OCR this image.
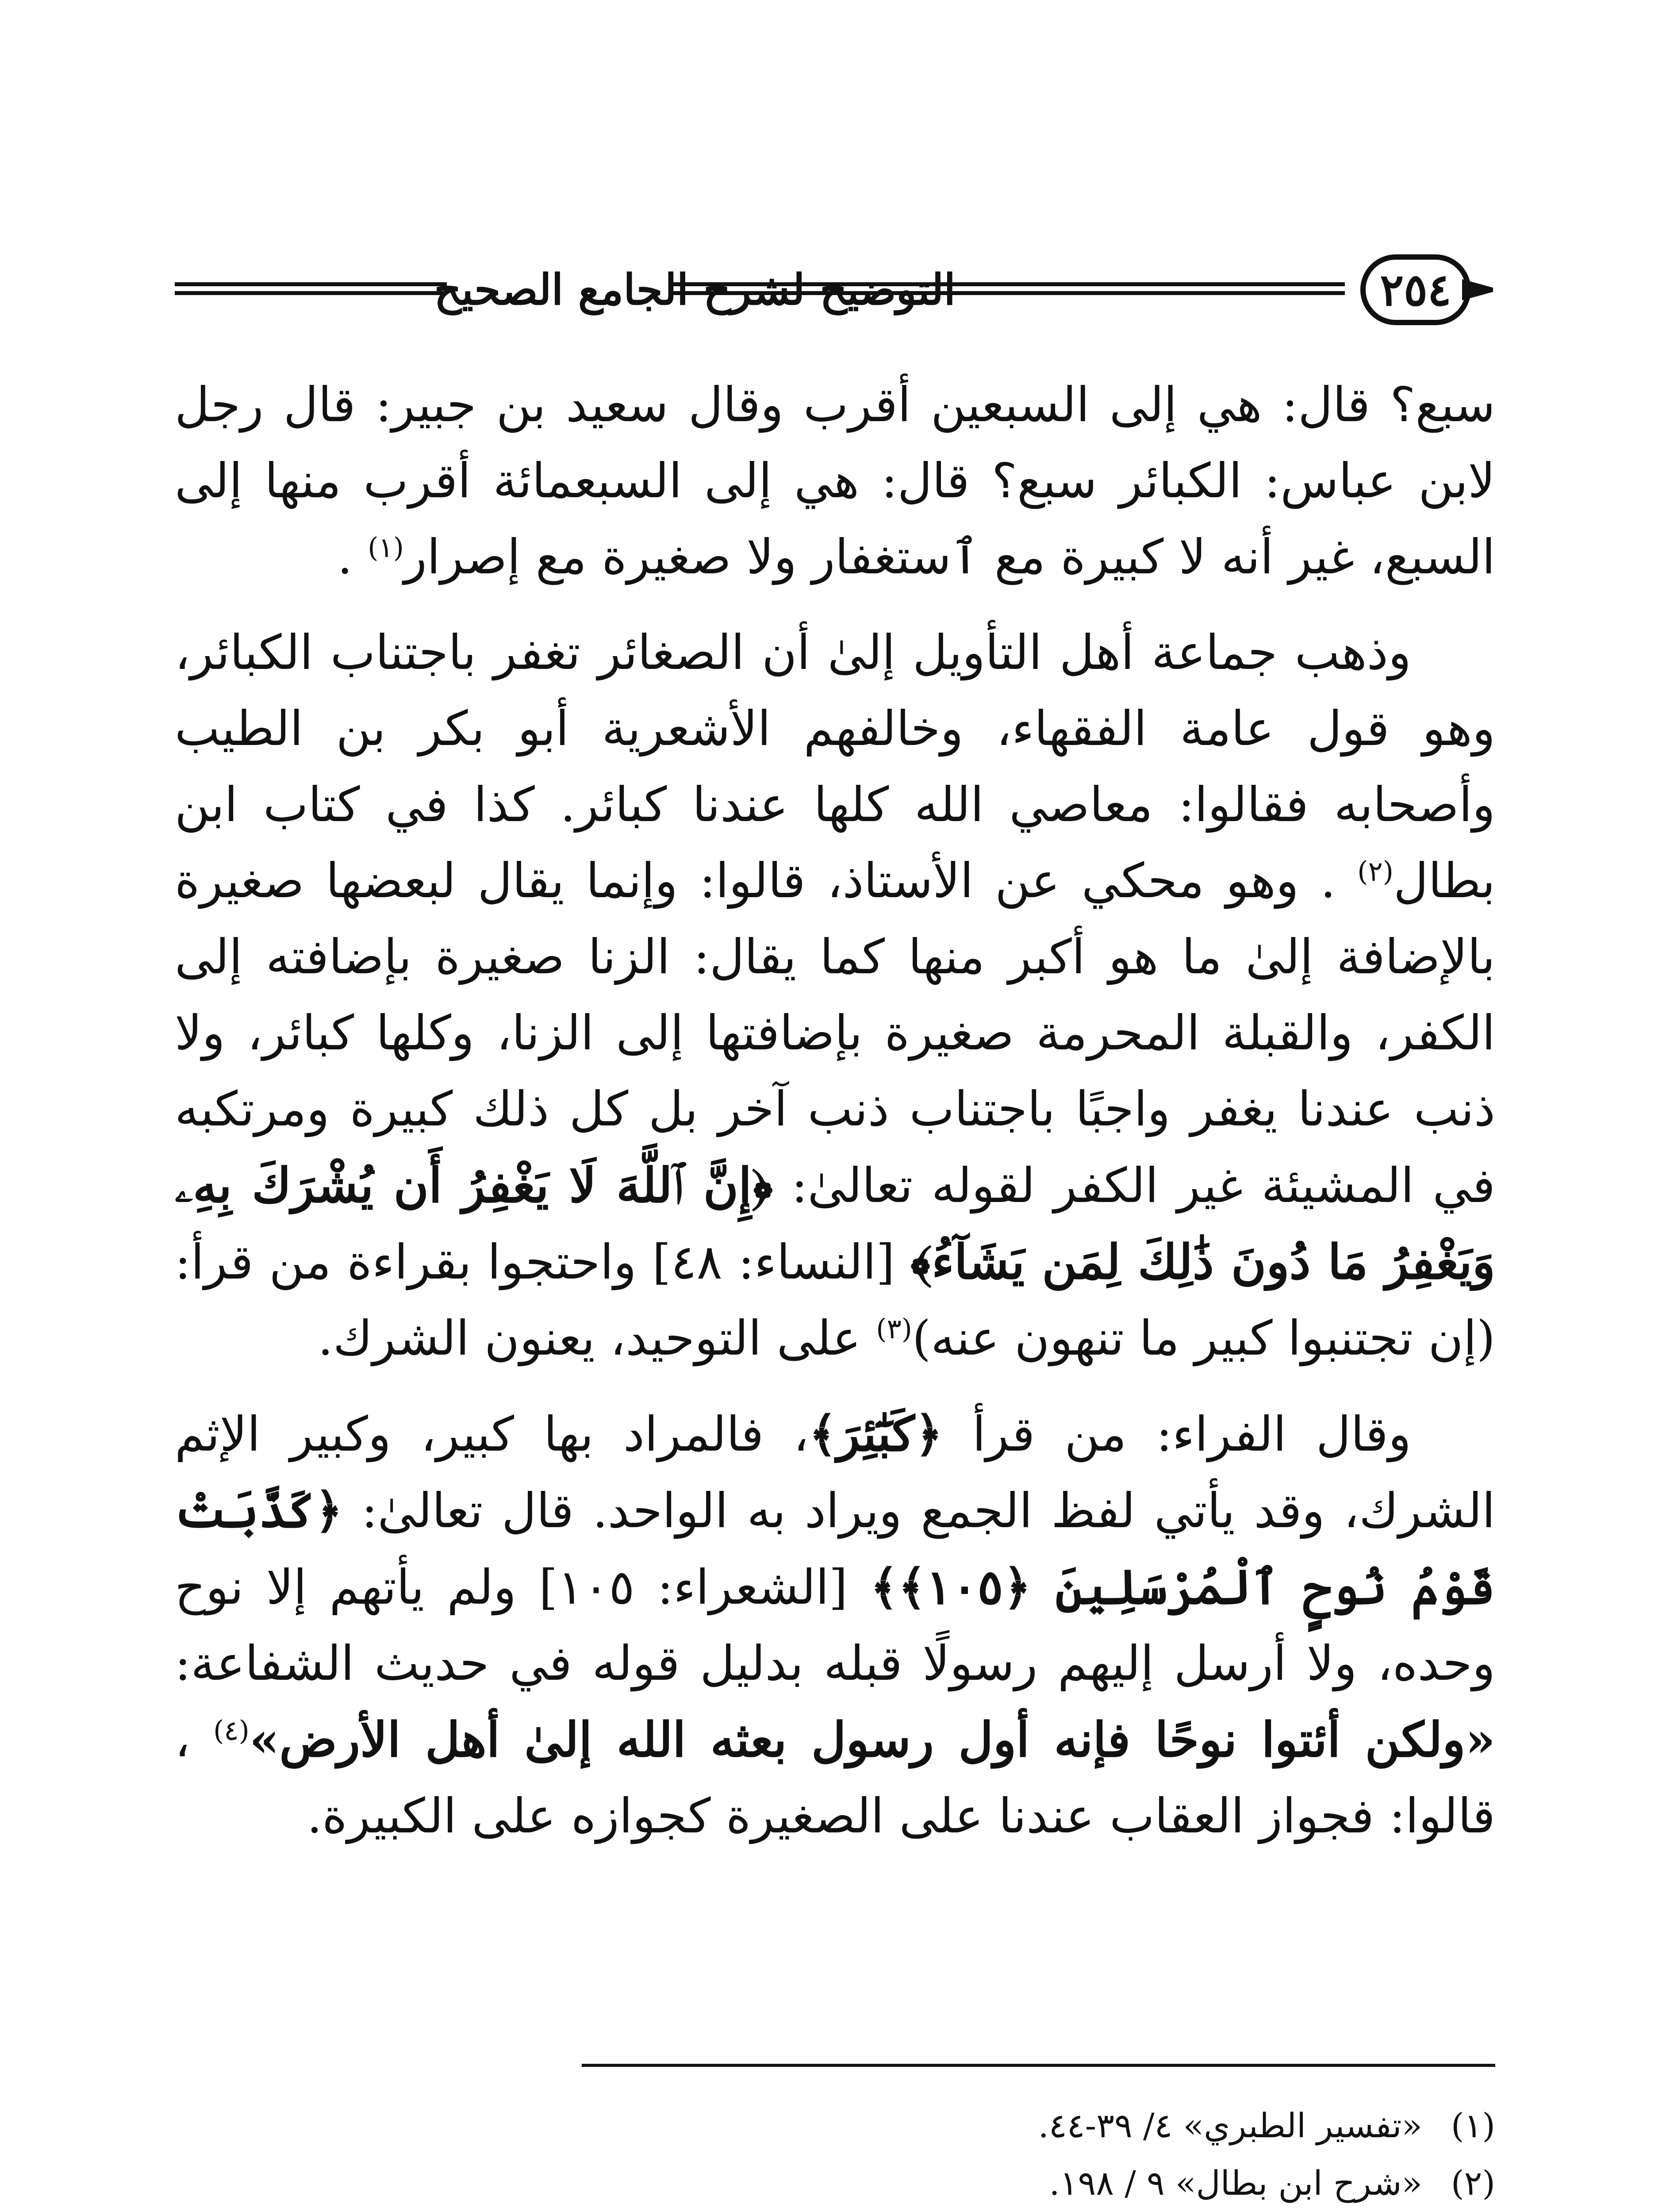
التوضيح لشرح الجامع الصحيح	٢٥٤

سبع؟ قال: هي إلى السبعين أقرب وقال سعيد بن جبير: قال رجل لابن عباس: الكبائر سبع؟ قال: هي إلى السبعمائة أقرب منها إلى السبع، غير أنه لا كبيرة مع ٱستغفار ولا صغيرة مع إصرار$^{(١)}$ .

وذهب جماعة أهل التأويل إلىٰ أن الصغائر تغفر باجتناب الكبائر، وهو قول عامة الفقهاء، وخالفهم الأشعرية أبو بكر بن الطيب وأصحابه فقالوا: معاصي الله كلها عندنا كبائر. كذا في كتاب ابن بطال$^{(٢)}$ . وهو محكي عن الأستاذ، قالوا: وإنما يقال لبعضها صغيرة بالإضافة إلىٰ ما هو أكبر منها كما يقال: الزنا صغيرة بإضافته إلى الكفر، والقبلة المحرمة صغيرة بإضافتها إلى الزنا، وكلها كبائر، ولا ذنب عندنا يغفر واجبًا باجتناب ذنب آخر بل كل ذلك كبيرة ومرتكبه في المشيئة غير الكفر لقوله تعالىٰ: ﴿إِنَّ ٱللَّهَ لَا يَغْفِرُ أَن يُشْرَكَ بِهِۦ وَيَغْفِرُ مَا دُونَ ذَٰلِكَ لِمَن يَشَآءُ﴾ [النساء: ٤٨] واحتجوا بقراءة من قرأ: (إن تجتنبوا كبير ما تنهون عنه)$^{(٣)}$ على التوحيد، يعنون الشرك.

وقال الفراء: من قرأ ﴿كَبَٰٓئِرَ﴾، فالمراد بها كبير، وكبير الإثم الشرك، وقد يأتي لفظ الجمع ويراد به الواحد. قال تعالىٰ: ﴿كَذَّبَتْ قَوْمُ نُوحٍ ٱلْمُرْسَلِينَ ﴿١٠٥﴾﴾ [الشعراء: ١٠٥] ولم يأتهم إلا نوح وحده، ولا أرسل إليهم رسولًا قبله بدليل قوله في حديث الشفاعة: «ولكن أئتوا نوحًا فإنه أول رسول بعثه الله إلىٰ أهل الأرض»$^{(٤)}$ ، قالوا: فجواز العقاب عندنا على الصغيرة كجوازه على الكبيرة.

(١)
«تفسير الطبري» ٤/ ٣٩-٤٤.
(٢)
«شرح ابن بطال» ٩ / ١٩٨.
